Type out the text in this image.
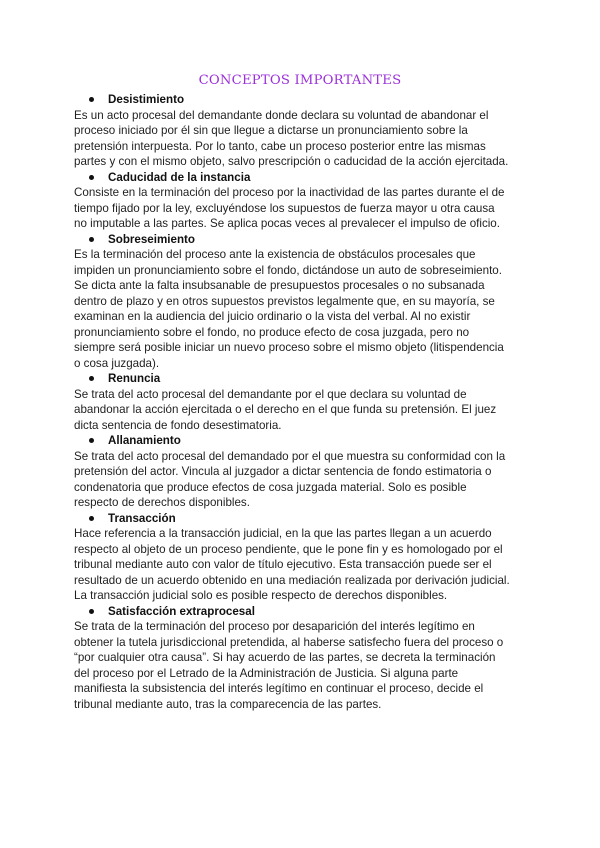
CONCEPTOS IMPORTANTES
Desistimiento
Es un acto procesal del demandante donde declara su voluntad de abandonar el
proceso iniciado por él sin que llegue a dictarse un pronunciamiento sobre la
pretensión interpuesta. Por lo tanto, cabe un proceso posterior entre las mismas
partes y con el mismo objeto, salvo prescripción o caducidad de la acción ejercitada.
Caducidad de la instancia
Consiste en la terminación del proceso por la inactividad de las partes durante el de
tiempo fijado por la ley, excluyéndose los supuestos de fuerza mayor u otra causa
no imputable a las partes. Se aplica pocas veces al prevalecer el impulso de oficio.
Sobreseimiento
Es la terminación del proceso ante la existencia de obstáculos procesales que
impiden un pronunciamiento sobre el fondo, dictándose un auto de sobreseimiento.
Se dicta ante la falta insubsanable de presupuestos procesales o no subsanada
dentro de plazo y en otros supuestos previstos legalmente que, en su mayoría, se
examinan en la audiencia del juicio ordinario o la vista del verbal. Al no existir
pronunciamiento sobre el fondo, no produce efecto de cosa juzgada, pero no
siempre será posible iniciar un nuevo proceso sobre el mismo objeto (litispendencia
o cosa juzgada).
Renuncia
Se trata del acto procesal del demandante por el que declara su voluntad de
abandonar la acción ejercitada o el derecho en el que funda su pretensión. El juez
dicta sentencia de fondo desestimatoria.
Allanamiento
Se trata del acto procesal del demandado por el que muestra su conformidad con la
pretensión del actor. Vincula al juzgador a dictar sentencia de fondo estimatoria o
condenatoria que produce efectos de cosa juzgada material. Solo es posible
respecto de derechos disponibles.
Transacción
Hace referencia a la transacción judicial, en la que las partes llegan a un acuerdo
respecto al objeto de un proceso pendiente, que le pone fin y es homologado por el
tribunal mediante auto con valor de título ejecutivo. Esta transacción puede ser el
resultado de un acuerdo obtenido en una mediación realizada por derivación judicial.
La transacción judicial solo es posible respecto de derechos disponibles.
Satisfacción extraprocesal
Se trata de la terminación del proceso por desaparición del interés legítimo en
obtener la tutela jurisdiccional pretendida, al haberse satisfecho fuera del proceso o
“por cualquier otra causa”. Si hay acuerdo de las partes, se decreta la terminación
del proceso por el Letrado de la Administración de Justicia. Si alguna parte
manifiesta la subsistencia del interés legítimo en continuar el proceso, decide el
tribunal mediante auto, tras la comparecencia de las partes.
